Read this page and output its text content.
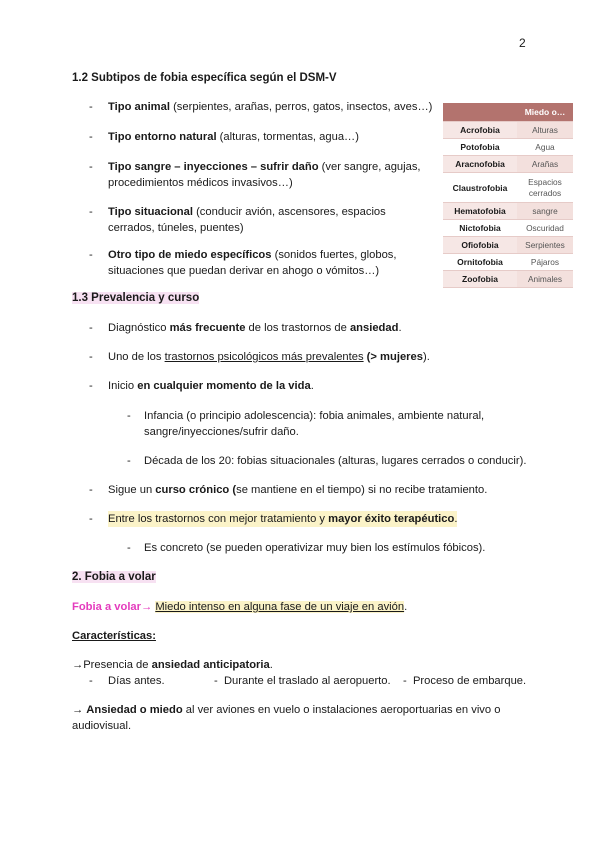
2
1.2 Subtipos de fobia específica según el DSM-V
- Tipo animal (serpientes, arañas, perros, gatos, insectos, aves…)
- Tipo entorno natural (alturas, tormentas, agua…)
- Tipo sangre – inyecciones – sufrir daño (ver sangre, agujas,
procedimientos médicos invasivos…)
- Tipo situacional (conducir avión, ascensores, espacios
cerrados, túneles, puentes)
- Otro tipo de miedo específicos (sonidos fuertes, globos,
situaciones que puedan derivar en ahogo o vómitos…)
	Miedo o…
Acrofobia	Alturas
Potofobia	Agua
Aracnofobia	Arañas
Claustrofobia	Espacios cerrados
Hematofobia	sangre
Nictofobia	Oscuridad
Ofiofobia	Serpientes
Ornitofobia	Pájaros
Zoofobia	Animales
1.3 Prevalencia y curso
- Diagnóstico más frecuente de los trastornos de ansiedad.
- Uno de los trastornos psicológicos más prevalentes (> mujeres).
- Inicio en cualquier momento de la vida.
- Infancia (o principio adolescencia): fobia animales, ambiente natural,
sangre/inyecciones/sufrir daño.
- Década de los 20: fobias situacionales (alturas, lugares cerrados o conducir).
- Sigue un curso crónico (se mantiene en el tiempo) si no recibe tratamiento.
- Entre los trastornos con mejor tratamiento y mayor éxito terapéutico.
- Es concreto (se pueden operativizar muy bien los estímulos fóbicos).
2. Fobia a volar
Fobia a volar→ Miedo intenso en alguna fase de un viaje en avión.
Características:
→Presencia de ansiedad anticipatoria.
- Días antes.	-  Durante el traslado al aeropuerto. -  Proceso de embarque.
→ Ansiedad o miedo al ver aviones en vuelo o instalaciones aeroportuarias en vivo o
audiovisual.
